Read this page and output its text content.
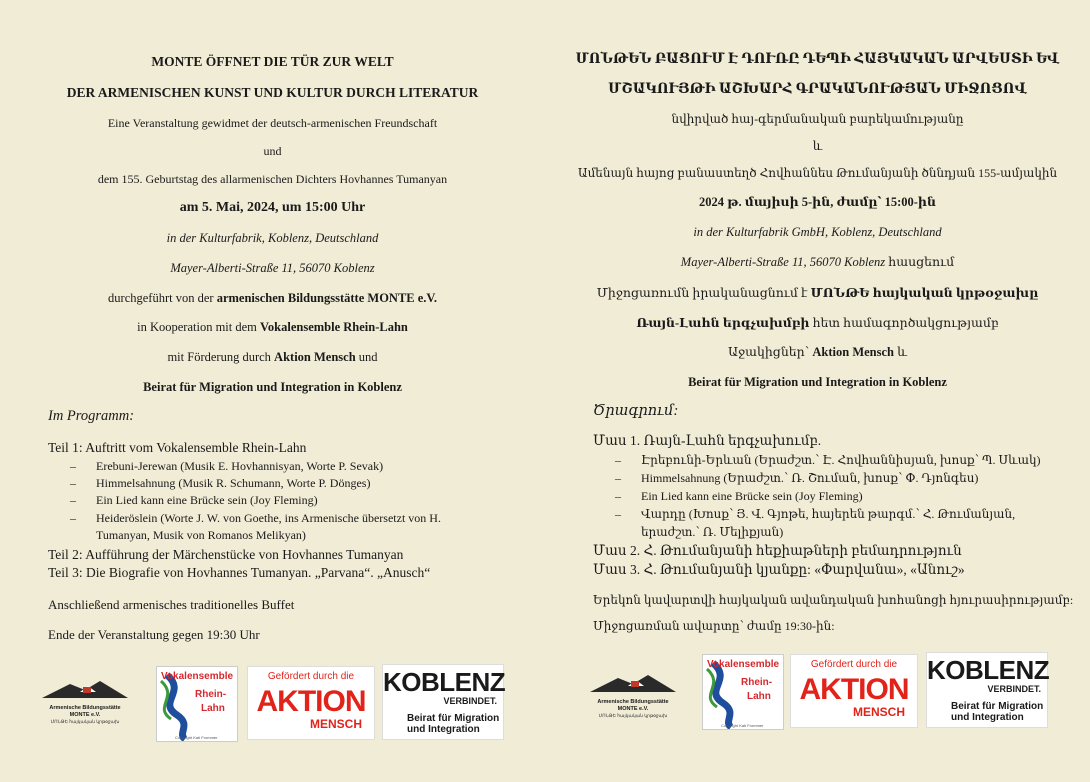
MONTE ÖFFNET DIE TÜR ZUR WELT
DER ARMENISCHEN KUNST UND KULTUR DURCH LITERATUR
Eine Veranstaltung gewidmet der deutsch-armenischen Freundschaft
und
dem 155. Geburtstag des allarmenischen Dichters Hovhannes Tumanyan
am 5. Mai, 2024, um 15:00 Uhr
in der Kulturfabrik, Koblenz, Deutschland
Mayer-Alberti-Straße 11, 56070 Koblenz
durchgeführt von der armenischen Bildungsstätte MONTE e.V.
in Kooperation mit dem Vokalensemble Rhein-Lahn
mit Förderung durch Aktion Mensch und
Beirat für Migration und Integration in Koblenz
Im Programm:
Teil 1: Auftritt vom Vokalensemble Rhein-Lahn
– Erebuni-Jerewan (Musik E. Hovhannisyan, Worte P. Sevak)
– Himmelsahnung (Musik R. Schumann, Worte P. Dönges)
– Ein Lied kann eine Brücke sein (Joy Fleming)
– Heideröslein (Worte J. W. von Goethe, ins Armenische übersetzt von H.
Tumanyan, Musik von Romanos Melikyan)
Teil 2: Aufführung der Märchenstücke von Hovhannes Tumanyan
Teil 3: Die Biografie von Hovhannes Tumanyan. „Parvana“. „Anusch“
Anschließend armenisches traditionelles Buffet
Ende der Veranstaltung gegen 19:30 Uhr
ՄՈՆԹԵՆ ԲԱՑՈՒՄ Է ԴՈՒՌԸ ԴԵՊԻ ՀԱՅԿԱԿԱՆ ԱՐՎԵՍՏԻ ԵՎ
ՄՇԱԿՈՒՅԹԻ ԱՇԽԱՐՀ ԳՐԱԿԱՆՈՒԹՅԱՆ ՄԻՋՈՑՈՎ
նվիրված հայ-գերմանական բարեկամությանը
և
Ամենայն հայոց բանաստեղծ Հովհաննես Թումանյանի ծննդյան 155-ամյակին
2024 թ. մայիսի 5-ին, ժամը՝ 15:00-ին
in der Kulturfabrik GmbH, Koblenz, Deutschland
Mayer-Alberti-Straße 11, 56070 Koblenz հասցեում
Միջոցառումն իրականացնում է ՄՈՆԹԵ հայկական կրթօջախը
Ռայն-Լահն երգչախմբի հետ համագործակցությամբ
Աջակիցներ՝ Aktion Mensch և
Beirat für Migration und Integration in Koblenz
Ծրագրում:
Մաս 1. Ռայն-Լահն երգչախումբ.
– Էրեբունի-Երևան (Երաժշտ.՝ Է. Հովհաննիսյան, խոսք՝ Պ. Սևակ)
– Himmelsahnung (Երաժշտ.՝ Ռ. Շուման, խոսք՝ Փ. Դյոնգես)
– Ein Lied kann eine Brücke sein (Joy Fleming)
– Վարդը (Խոսք՝ Յ. Վ. Գյոթե, հայերեն թարգմ.՝ Հ. Թումանյան,
երաժշտ.՝ Ռ. Մելիքյան)
Մաս 2. Հ. Թումանյանի հեքիաթների բեմադրություն
Մաս 3. Հ. Թումանյանի կյանքը: «Փարվանա», «Անուշ»
Երեկոն կավարտվի հայկական ավանդական խոհանոցի հյուրասիրությամբ:
Միջոցառման ավարտը՝ ժամը 19:30-ին:
Armenische Bildungsstätte MONTE e.V.
ՄՈՆԹԵ հայկական կրթօջախ
Vokalensemble
Rhein-
Lahn
Copyright Kati Frommer
Gefördert durch die
AKTION
MENSCH
KOBLENZ
VERBINDET.
Beirat für Migration
und Integration
Armenische Bildungsstätte MONTE e.V.
ՄՈՆԹԵ հայկական կրթօջախ
Vokalensemble
Rhein-
Lahn
Copyright Kati Frommer
Gefördert durch die
AKTION
MENSCH
KOBLENZ
VERBINDET.
Beirat für Migration
und Integration
